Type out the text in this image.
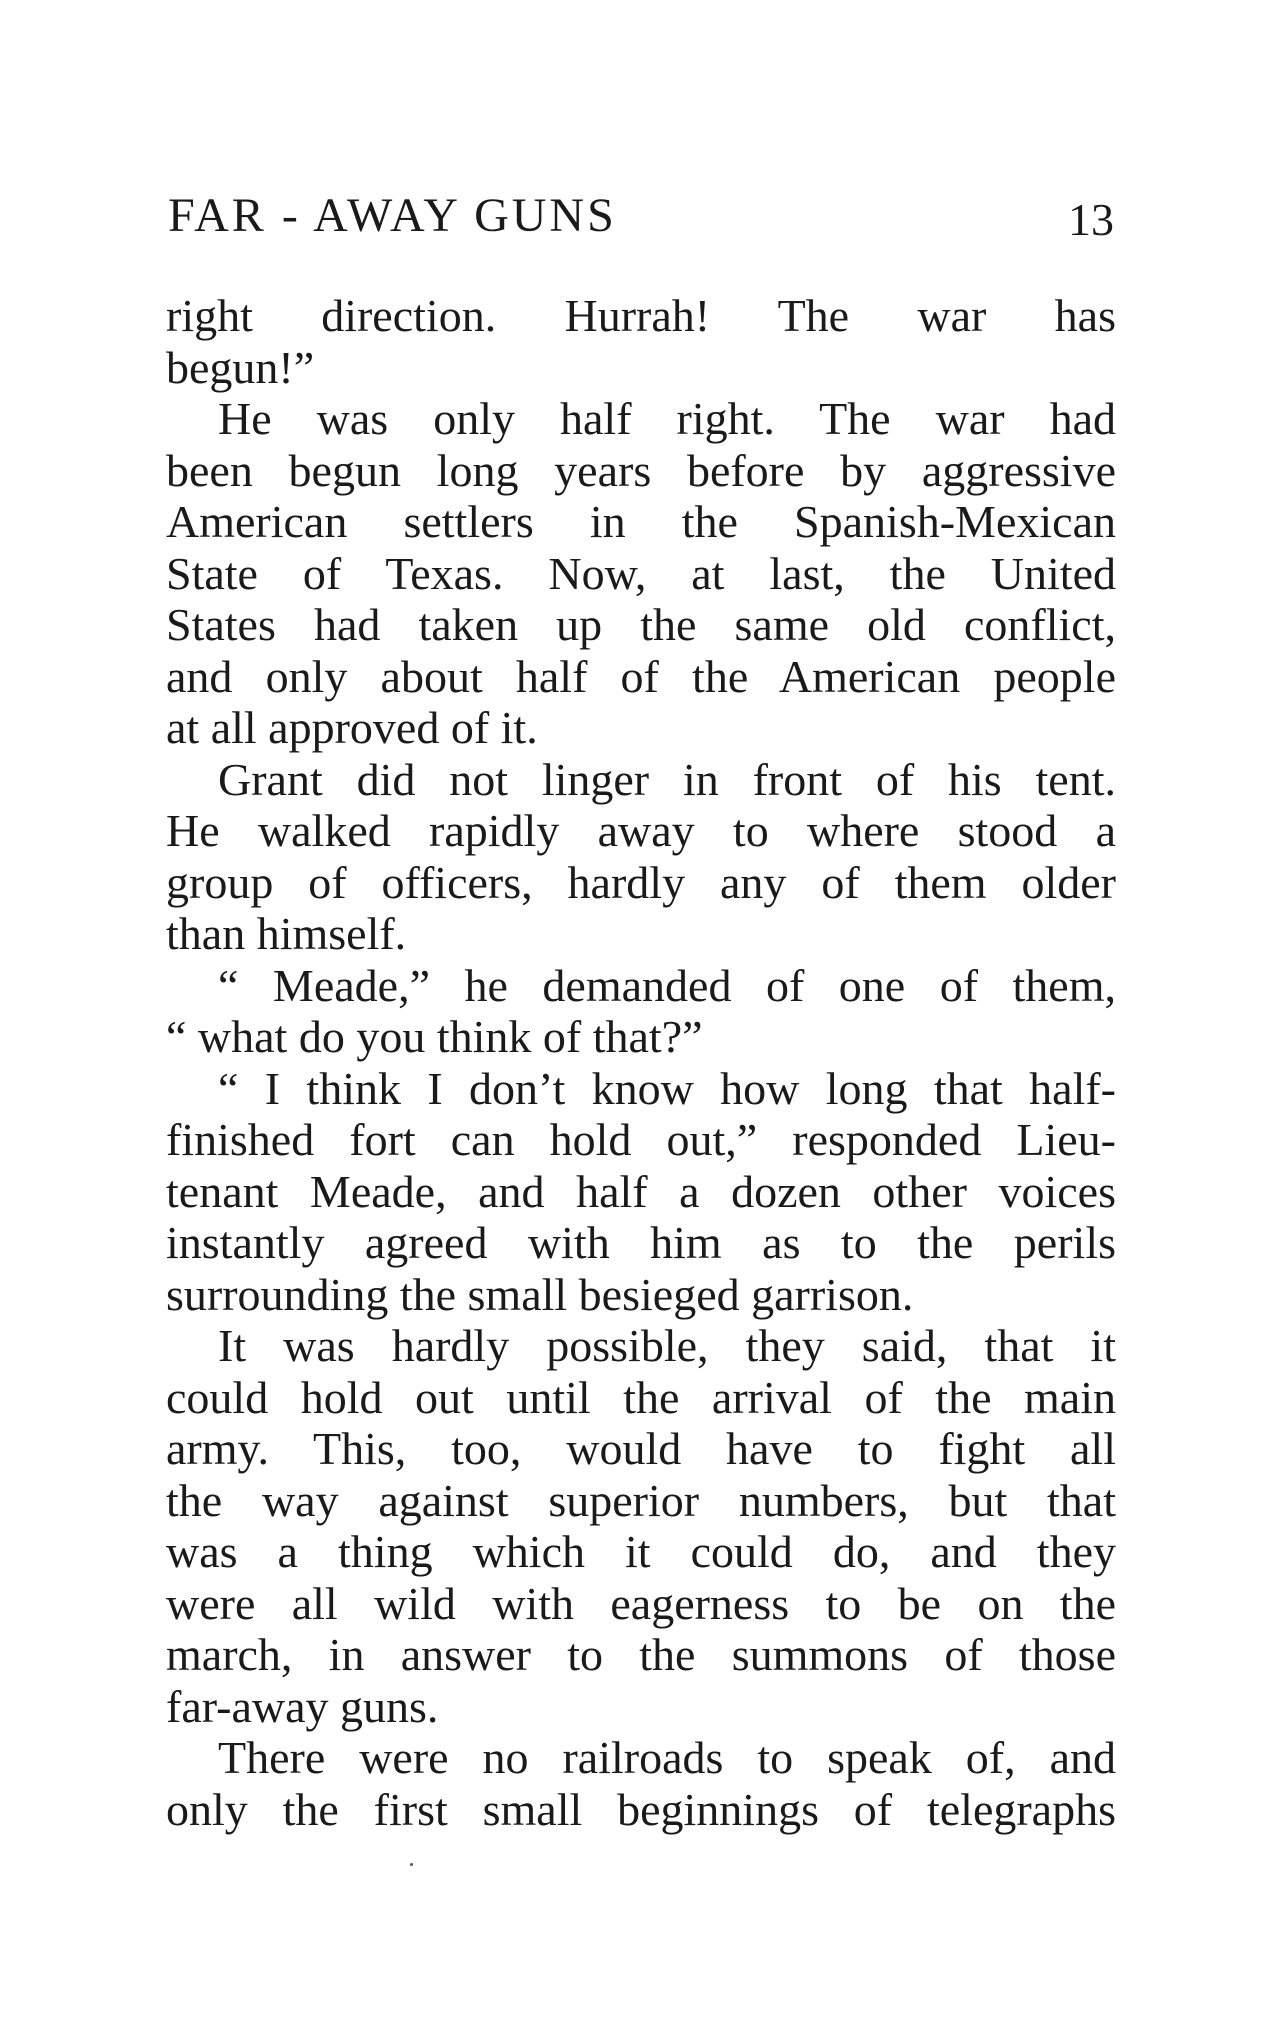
FAR - AWAY GUNS	13
right direction. Hurrah! The war has
begun!”
He was only half right. The war had
been begun long years before by aggressive
American settlers in the Spanish-Mexican
State of Texas. Now, at last, the United
States had taken up the same old conflict,
and only about half of the American people
at all approved of it.
Grant did not linger in front of his tent.
He walked rapidly away to where stood a
group of officers, hardly any of them older
than himself.
“ Meade,” he demanded of one of them,
“ what do you think of that?”
“ I think I don’t know how long that half-
finished fort can hold out,” responded Lieu-
tenant Meade, and half a dozen other voices
instantly agreed with him as to the perils
surrounding the small besieged garrison.
It was hardly possible, they said, that it
could hold out until the arrival of the main
army. This, too, would have to fight all
the way against superior numbers, but that
was a thing which it could do, and they
were all wild with eagerness to be on the
march, in answer to the summons of those
far-away guns.
There were no railroads to speak of, and
only the first small beginnings of telegraphs
